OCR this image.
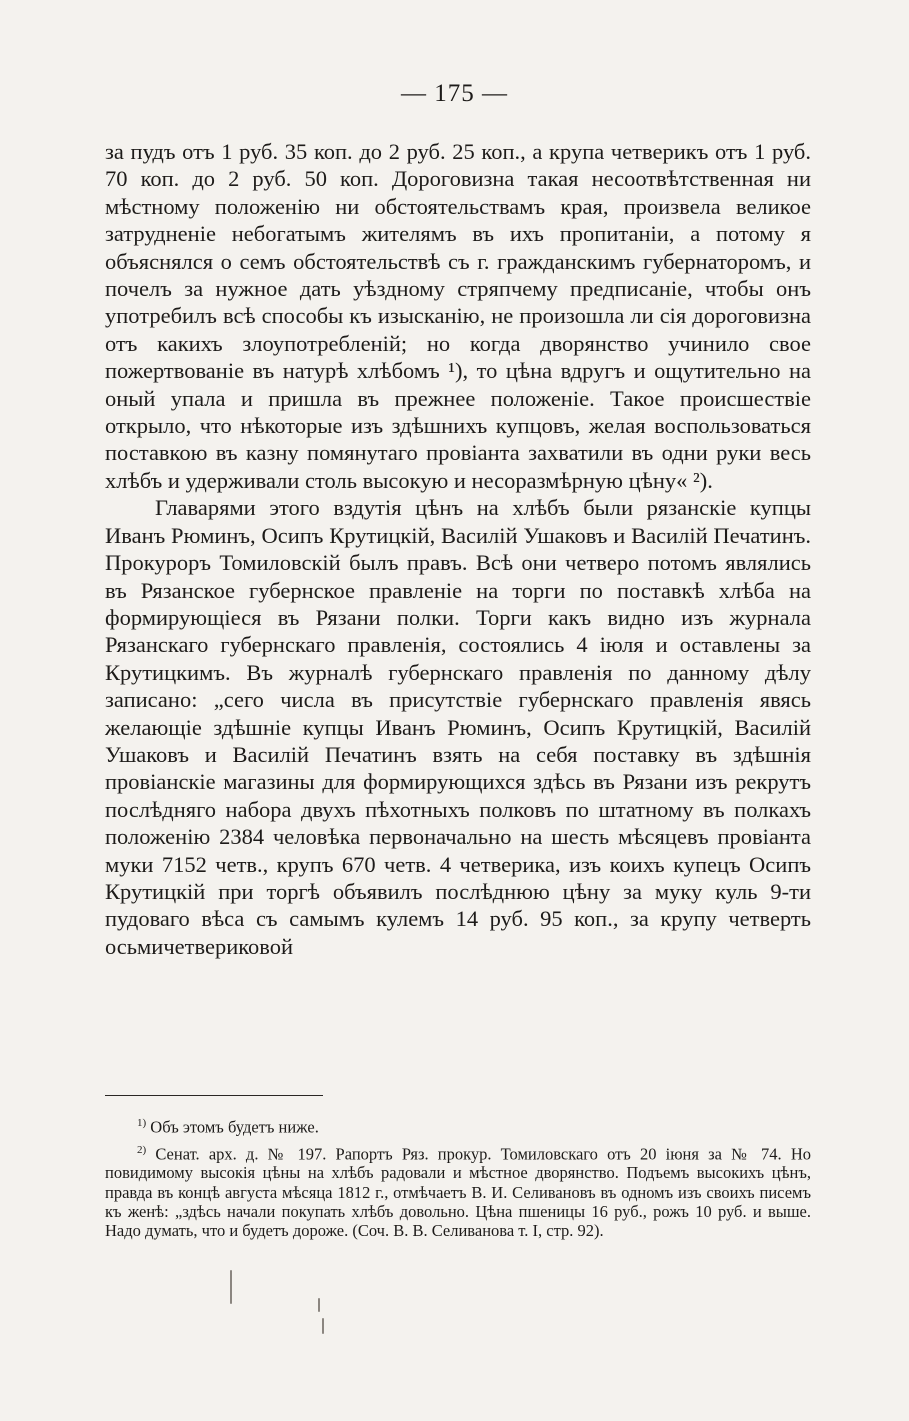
— 175 —

за пудъ отъ 1 руб. 35 коп. до 2 руб. 25 коп., а крупа четверикъ отъ 1 руб. 70 коп. до 2 руб. 50 коп. Дороговизна такая несоотвѣтственная ни мѣстному положенію ни обстоятельствамъ края, произвела великое затрудненіе небогатымъ жителямъ въ ихъ пропитаніи, а потому я объяснялся о семъ обстоятельствѣ съ г. гражданскимъ губернаторомъ, и почелъ за нужное дать уѣздному стряпчему предписаніе, чтобы онъ употребилъ всѣ способы къ изысканію, не произошла ли сія дороговизна отъ какихъ злоупотребленій; но когда дворянство учинило свое пожертвованіе въ натурѣ хлѣбомъ ¹), то цѣна вдругъ и ощутительно на оный упала и пришла въ прежнее положеніе. Такое происшествіе открыло, что нѣкоторые изъ здѣшнихъ купцовъ, желая воспользоваться поставкою въ казну помянутаго провіанта захватили въ одни руки весь хлѣбъ и удерживали столь высокую и несоразмѣрную цѣну« ²).

Главарями этого вздутія цѣнъ на хлѣбъ были рязанскіе купцы Иванъ Рюминъ, Осипъ Крутицкій, Василій Ушаковъ и Василій Печатинъ. Прокуроръ Томиловскій былъ правъ. Всѣ они четверо потомъ являлись въ Рязанское губернское правленіе на торги по поставкѣ хлѣба на формирующіеся въ Рязани полки. Торги какъ видно изъ журнала Рязанскаго губернскаго правленія, состоялись 4 іюля и оставлены за Крутицкимъ. Въ журналѣ губернскаго правленія по данному дѣлу записано: „сего числа въ присутствіе губернскаго правленія явясь желающіе здѣшніе купцы Иванъ Рюминъ, Осипъ Крутицкій, Василій Ушаковъ и Василій Печатинъ взять на себя поставку въ здѣшнія провіанскіе магазины для формирующихся здѣсь въ Рязани изъ рекрутъ послѣдняго набора двухъ пѣхотныхъ полковъ по штатному въ полкахъ положенію 2384 человѣка первоначально на шесть мѣсяцевъ провіанта муки 7152 четв., крупъ 670 четв. 4 четверика, изъ коихъ купецъ Осипъ Крутицкій при торгѣ объявилъ послѣднюю цѣну за муку куль 9-ти пудоваго вѣса съ самымъ кулемъ 14 руб. 95 коп., за крупу четверть осьмичетвериковой

$^{1)}$ Объ этомъ будетъ ниже.

$^{2)}$ Сенат. арх. д. № 197. Рапортъ Ряз. прокур. Томиловскаго отъ 20 іюня за № 74. Но повидимому высокія цѣны на хлѣбъ радовали и мѣстное дворянство. Подъемъ высокихъ цѣнъ, правда въ концѣ августа мѣсяца 1812 г., отмѣчаетъ В. И. Селивановъ въ одномъ изъ своихъ писемъ къ женѣ: „здѣсь начали покупать хлѣбъ довольно. Цѣна пшеницы 16 руб., рожъ 10 руб. и выше. Надо думать, что и будетъ дороже. (Соч. В. В. Селиванова т. I, стр. 92).
